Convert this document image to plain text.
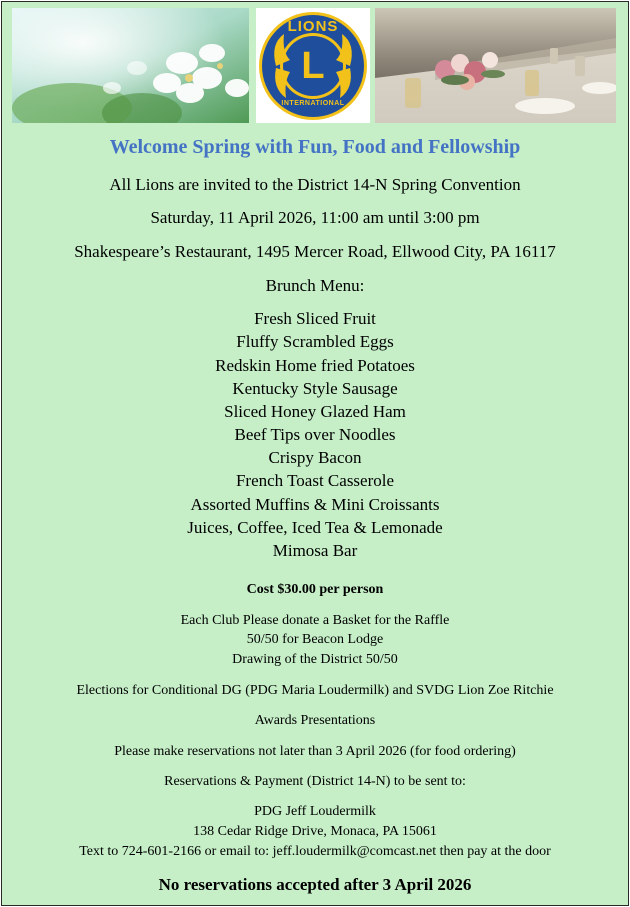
LIONS
L
INTERNATIONAL
Welcome Spring with Fun, Food and Fellowship
All Lions are invited to the District 14-N Spring Convention
Saturday, 11 April 2026, 11:00 am until 3:00 pm
Shakespeare’s Restaurant, 1495 Mercer Road, Ellwood City, PA 16117
Brunch Menu:
Fresh Sliced Fruit
Fluffy Scrambled Eggs
Redskin Home fried Potatoes
Kentucky Style Sausage
Sliced Honey Glazed Ham
Beef Tips over Noodles
Crispy Bacon
French Toast Casserole
Assorted Muffins & Mini Croissants
Juices, Coffee, Iced Tea & Lemonade
Mimosa Bar
Cost $30.00 per person
Each Club Please donate a Basket for the Raffle
50/50 for Beacon Lodge
Drawing of the District 50/50
Elections for Conditional DG (PDG Maria Loudermilk) and SVDG Lion Zoe Ritchie
Awards Presentations
Please make reservations not later than 3 April 2026 (for food ordering)
Reservations & Payment (District 14-N) to be sent to:
PDG Jeff Loudermilk
138 Cedar Ridge Drive, Monaca, PA 15061
Text to 724-601-2166 or email to: jeff.loudermilk@comcast.net then pay at the door
No reservations accepted after 3 April 2026
